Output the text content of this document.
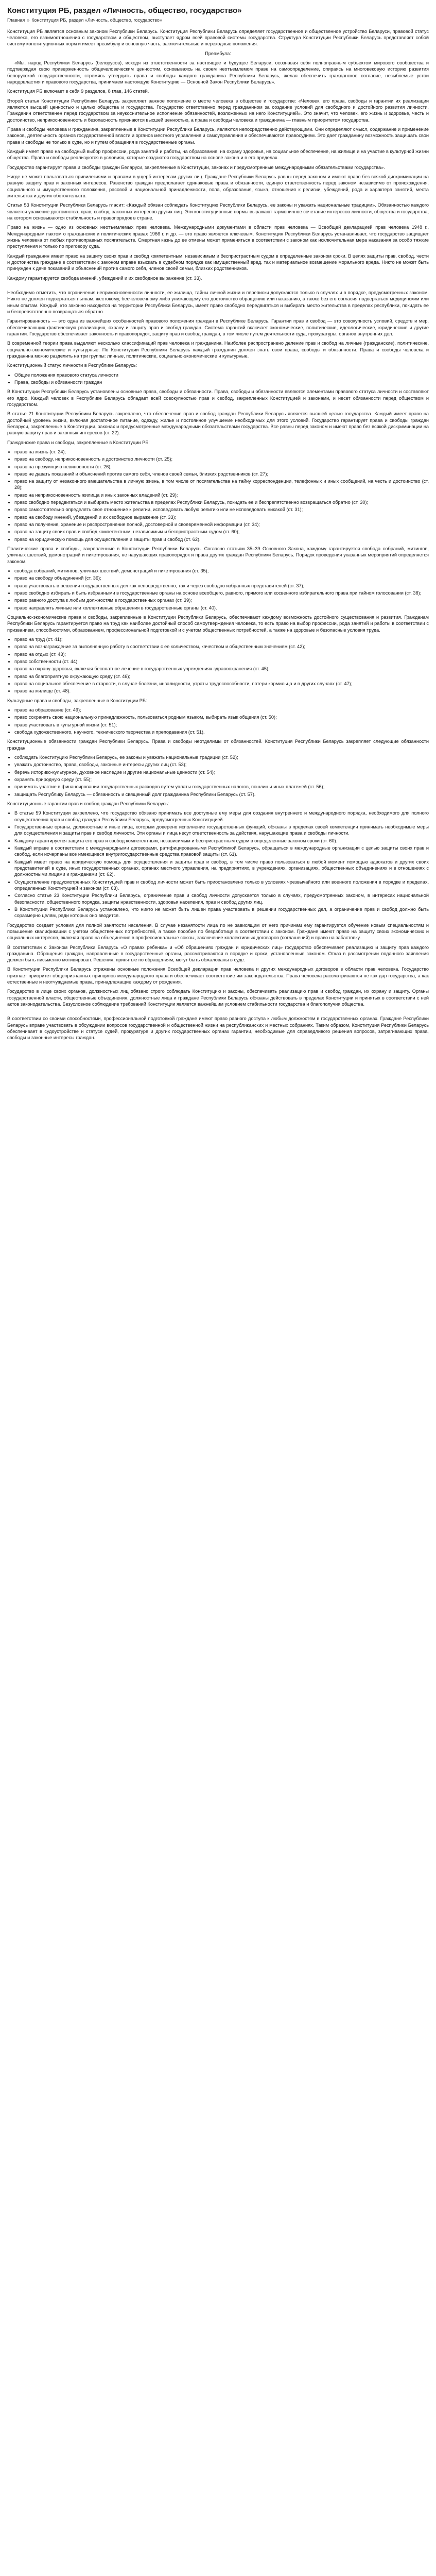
Конституция РБ, раздел «Личность, общество, государство»
Главная » Конституция РБ, раздел «Личность, общество, государство»

Конституция РБ является основным законом Республики Беларусь. Конституция Республики Беларусь определяет государственное и общественное устройство Беларуси, правовой статус человека, его взаимоотношения с государством и обществом, выступает ядром всей правовой системы государства. Структура Конституции Республики Беларусь представляет собой систему конституционных норм и имеет преамбулу и основную часть, заключительные и переходные положения.

Преамбула:

«Мы, народ Республики Беларусь (белорусов), исходя из ответственности за настоящее и будущее Беларуси, осознавая себя полноправным субъектом мирового сообщества и подтверждая свою приверженность общечеловеческим ценностям, основываясь на своем неотъемлемом праве на самоопределение, опираясь на многовековую историю развития белорусской государственности, стремясь утвердить права и свободы каждого гражданина Республики Беларусь, желая обеспечить гражданское согласие, незыблемые устои народовластия и правового государства, принимаем настоящую Конституцию — Основной Закон Республики Беларусь».

Конституция РБ включает в себя 9 разделов, 8 глав, 146 статей.

Второй статья Конституции Республики Беларусь закрепляет важное положение о месте человека в обществе и государстве: «Человек, его права, свободы и гарантии их реализации являются высшей ценностью и целью общества и государства. Государство ответственно перед гражданином за создание условий для свободного и достойного развития личности. Гражданин ответственен перед государством за неукоснительное исполнение обязанностей, возложенных на него Конституцией». Это значит, что человек, его жизнь и здоровье, честь и достоинство, неприкосновенность и безопасность признаются высшей ценностью, а права и свободы человека и гражданина — главным приоритетом государства.

Права и свободы человека и гражданина, закрепленные в Конституции Республики Беларусь, являются непосредственно действующими. Они определяют смысл, содержание и применение законов, деятельность органов государственной власти и органов местного управления и самоуправления и обеспечиваются правосудием. Это дает гражданину возможность защищать свои права и свободы не только в суде, но и путем обращения в государственные органы.

Каждый имеет право на свободный выбор профессии, рода занятий и работы, на образование, на охрану здоровья, на социальное обеспечение, на жилище и на участие в культурной жизни общества. Права и свободы реализуются в условиях, которые создаются государством на основе закона и в его пределах.

Государство гарантирует права и свободы граждан Беларуси, закрепленные в Конституции, законах и предусмотренные международными обязательствами государства».

Нигде не может пользоваться привилегиями и правами в ущерб интересам других лиц. Граждане Республики Беларусь равны перед законом и имеют право без всякой дискриминации на равную защиту прав и законных интересов. Равенство граждан предполагает одинаковые права и обязанности, единую ответственность перед законом независимо от происхождения, социального и имущественного положения, расовой и национальной принадлежности, пола, образования, языка, отношения к религии, убеждений, рода и характера занятий, места жительства и других обстоятельств.

Статья 53 Конституции Республики Беларусь гласит: «Каждый обязан соблюдать Конституцию Республики Беларусь, ее законы и уважать национальные традиции». Обязанностью каждого является уважение достоинства, прав, свобод, законных интересов других лиц. Эти конституционные нормы выражают гармоничное сочетание интересов личности, общества и государства, на котором основываются стабильность и правопорядок в стране.

Право на жизнь — одно из основных неотъемлемых прав человека. Международными документами в области прав человека — Всеобщей декларацией прав человека 1948 г., Международным пактом о гражданских и политических правах 1966 г. и др. — это право является ключевым. Конституция Республики Беларусь устанавливает, что государство защищает жизнь человека от любых противоправных посягательств. Смертная казнь до ее отмены может применяться в соответствии с законом как исключительная мера наказания за особо тяжкие преступления и только по приговору суда.

Каждый гражданин имеет право на защиту своих прав и свобод компетентным, независимым и беспристрастным судом в определенные законом сроки. В целях защиты прав, свобод, чести и достоинства граждане в соответствии с законом вправе взыскать в судебном порядке как имущественный вред, так и материальное возмещение морального вреда. Никто не может быть принужден к даче показаний и объяснений против самого себя, членов своей семьи, близких родственников.

Каждому гарантируется свобода мнений, убеждений и их свободное выражение (ст. 33).

Необходимо отметить, что ограничения неприкосновенности личности, ее жилища, тайны личной жизни и переписки допускаются только в случаях и в порядке, предусмотренных законом. Никто не должен подвергаться пыткам, жестокому, бесчеловечному либо унижающему его достоинство обращению или наказанию, а также без его согласия подвергаться медицинским или иным опытам. Каждый, кто законно находится на территории Республики Беларусь, имеет право свободно передвигаться и выбирать место жительства в пределах республики, покидать ее и беспрепятственно возвращаться обратно.

Гарантированность — это одна из важнейших особенностей правового положения граждан в Республике Беларусь. Гарантии прав и свобод — это совокупность условий, средств и мер, обеспечивающих фактическую реализацию, охрану и защиту прав и свобод граждан. Система гарантий включает экономические, политические, идеологические, юридические и другие гарантии. Государство обеспечивает законность и правопорядок, защиту прав и свобод граждан, в том числе путем деятельности суда, прокуратуры, органов внутренних дел.

В современной теории права выделяют несколько классификаций прав человека и гражданина. Наиболее распространено деление прав и свобод на личные (гражданские), политические, социально-экономические и культурные. По Конституции Республики Беларусь каждый гражданин должен знать свои права, свободы и обязанности. Права и свободы человека и гражданина можно разделить на три группы: личные, политические, социально-экономические и культурные.

Конституционный статус личности в Республике Беларусь:

• Общие положения правового статуса личности
• Права, свободы и обязанности граждан

В Конституции Республики Беларусь установлены основные права, свободы и обязанности. Права, свободы и обязанности являются элементами правового статуса личности и составляют его ядро. Каждый человек в Республике Беларусь обладает всей совокупностью прав и свобод, закрепленных Конституцией и законами, и несет обязанности перед обществом и государством.

В статье 21 Конституции Республики Беларусь закреплено, что обеспечение прав и свобод граждан Республики Беларусь является высшей целью государства. Каждый имеет право на достойный уровень жизни, включая достаточное питание, одежду, жилье и постоянное улучшение необходимых для этого условий. Государство гарантирует права и свободы граждан Беларуси, закрепленные в Конституции, законах и предусмотренные международными обязательствами государства. Все равны перед законом и имеют право без всякой дискриминации на равную защиту прав и законных интересов (ст. 22).

Гражданские права и свободы, закрепленные в Конституции РБ:

• право на жизнь (ст. 24);
• право на свободу, неприкосновенность и достоинство личности (ст. 25);
• право на презумпцию невиновности (ст. 26);
• право не давать показаний и объяснений против самого себя, членов своей семьи, близких родственников (ст. 27);
• право на защиту от незаконного вмешательства в личную жизнь, в том числе от посягательства на тайну корреспонденции, телефонных и иных сообщений, на честь и достоинство (ст. 28);
• право на неприкосновенность жилища и иных законных владений (ст. 29);
• право свободно передвигаться и выбирать место жительства в пределах Республики Беларусь, покидать ее и беспрепятственно возвращаться обратно (ст. 30);
• право самостоятельно определять свое отношение к религии, исповедовать любую религию или не исповедовать никакой (ст. 31);
• право на свободу мнений, убеждений и их свободное выражение (ст. 33);
• право на получение, хранение и распространение полной, достоверной и своевременной информации (ст. 34);
• право на защиту своих прав и свобод компетентным, независимым и беспристрастным судом (ст. 60);
• право на юридическую помощь для осуществления и защиты прав и свобод (ст. 62).

Политические права и свободы, закрепленные в Конституции Республики Беларусь. Согласно статьям 35–39 Основного Закона, каждому гарантируется свобода собраний, митингов, уличных шествий, демонстраций и пикетирования, не нарушающих правопорядок и права других граждан Республики Беларусь. Порядок проведения указанных мероприятий определяется законом.

• свобода собраний, митингов, уличных шествий, демонстраций и пикетирования (ст. 35);
• право на свободу объединений (ст. 36);
• право участвовать в решении государственных дел как непосредственно, так и через свободно избранных представителей (ст. 37);
• право свободно избирать и быть избранными в государственные органы на основе всеобщего, равного, прямого или косвенного избирательного права при тайном голосовании (ст. 38);
• право равного доступа к любым должностям в государственных органах (ст. 39);
• право направлять личные или коллективные обращения в государственные органы (ст. 40).

Социально-экономические права и свободы, закрепленные в Конституции Республики Беларусь, обеспечивают каждому возможность достойного существования и развития. Гражданам Республики Беларусь гарантируется право на труд как наиболее достойный способ самоутверждения человека, то есть право на выбор профессии, рода занятий и работы в соответствии с призванием, способностями, образованием, профессиональной подготовкой и с учетом общественных потребностей, а также на здоровые и безопасные условия труда.

• право на труд (ст. 41);
• право на вознаграждение за выполненную работу в соответствии с ее количеством, качеством и общественным значением (ст. 42);
• право на отдых (ст. 43);
• право собственности (ст. 44);
• право на охрану здоровья, включая бесплатное лечение в государственных учреждениях здравоохранения (ст. 45);
• право на благоприятную окружающую среду (ст. 46);
• право на социальное обеспечение в старости, в случае болезни, инвалидности, утраты трудоспособности, потери кормильца и в других случаях (ст. 47);
• право на жилище (ст. 48).

Культурные права и свободы, закрепленные в Конституции РБ:

• право на образование (ст. 49);
• право сохранять свою национальную принадлежность, пользоваться родным языком, выбирать язык общения (ст. 50);
• право участвовать в культурной жизни (ст. 51);
• свобода художественного, научного, технического творчества и преподавания (ст. 51).

Конституционные обязанности граждан Республики Беларусь. Права и свободы неотделимы от обязанностей. Конституция Республики Беларусь закрепляет следующие обязанности граждан:

• соблюдать Конституцию Республики Беларусь, ее законы и уважать национальные традиции (ст. 52);
• уважать достоинство, права, свободы, законные интересы других лиц (ст. 53);
• беречь историко-культурное, духовное наследие и другие национальные ценности (ст. 54);
• охранять природную среду (ст. 55);
• принимать участие в финансировании государственных расходов путем уплаты государственных налогов, пошлин и иных платежей (ст. 56);
• защищать Республику Беларусь — обязанность и священный долг гражданина Республики Беларусь (ст. 57).

Конституционные гарантии прав и свобод граждан Республики Беларусь:

• В статье 59 Конституции закреплено, что государство обязано принимать все доступные ему меры для создания внутреннего и международного порядка, необходимого для полного осуществления прав и свобод граждан Республики Беларусь, предусмотренных Конституцией.
• Государственные органы, должностные и иные лица, которым доверено исполнение государственных функций, обязаны в пределах своей компетенции принимать необходимые меры для осуществления и защиты прав и свобод личности. Эти органы и лица несут ответственность за действия, нарушающие права и свободы личности.
• Каждому гарантируется защита его прав и свобод компетентным, независимым и беспристрастным судом в определенные законом сроки (ст. 60).
• Каждый вправе в соответствии с международными договорами, ратифицированными Республикой Беларусь, обращаться в международные организации с целью защиты своих прав и свобод, если исчерпаны все имеющиеся внутригосударственные средства правовой защиты (ст. 61).
• Каждый имеет право на юридическую помощь для осуществления и защиты прав и свобод, в том числе право пользоваться в любой момент помощью адвокатов и других своих представителей в суде, иных государственных органах, органах местного управления, на предприятиях, в учреждениях, организациях, общественных объединениях и в отношениях с должностными лицами и гражданами (ст. 62).
• Осуществление предусмотренных Конституцией прав и свобод личности может быть приостановлено только в условиях чрезвычайного или военного положения в порядке и пределах, определенных Конституцией и законом (ст. 63).
• Согласно статье 23 Конституции Республики Беларусь, ограничение прав и свобод личности допускается только в случаях, предусмотренных законом, в интересах национальной безопасности, общественного порядка, защиты нравственности, здоровья населения, прав и свобод других лиц.
• В Конституции Республики Беларусь установлено, что никто не может быть лишен права участвовать в решении государственных дел, а ограничение прав и свобод должно быть соразмерно целям, ради которых оно вводится.

Государство создает условия для полной занятости населения. В случае незанятости лица по не зависящим от него причинам ему гарантируется обучение новым специальностям и повышение квалификации с учетом общественных потребностей, а также пособие по безработице в соответствии с законом. Граждане имеют право на защиту своих экономических и социальных интересов, включая право на объединение в профессиональные союзы, заключение коллективных договоров (соглашений) и право на забастовку.

В соответствии с Законом Республики Беларусь «О правах ребенка» и «Об обращениях граждан и юридических лиц» государство обеспечивает реализацию и защиту прав каждого гражданина. Обращения граждан, направленные в государственные органы, рассматриваются в порядке и сроки, установленные законом. Отказ в рассмотрении поданного заявления должен быть письменно мотивирован. Решения, принятые по обращениям, могут быть обжалованы в суде.

В Конституции Республики Беларусь отражены основные положения Всеобщей декларации прав человека и других международных договоров в области прав человека. Государство признает приоритет общепризнанных принципов международного права и обеспечивает соответствие им законодательства. Права человека рассматриваются не как дар государства, а как естественные и неотчуждаемые права, принадлежащие каждому от рождения.

Государство в лице своих органов, должностных лиц обязано строго соблюдать Конституцию и законы, обеспечивать реализацию прав и свобод граждан, их охрану и защиту. Органы государственной власти, общественные объединения, должностные лица и граждане Республики Беларусь обязаны действовать в пределах Конституции и принятых в соответствии с ней актов законодательства. Безусловное соблюдение требований Конституции является важнейшим условием стабильности государства и благополучия общества.

В соответствии со своими способностями, профессиональной подготовкой граждане имеют право равного доступа к любым должностям в государственных органах. Граждане Республики Беларусь вправе участвовать в обсуждении вопросов государственной и общественной жизни на республиканских и местных собраниях. Таким образом, Конституция Республики Беларусь обеспечивает в судоустройстве и статусе судей, прокуратуре и других государственных органах гарантии, необходимые для справедливого решения вопросов, затрагивающих права, свободы и законные интересы граждан.
